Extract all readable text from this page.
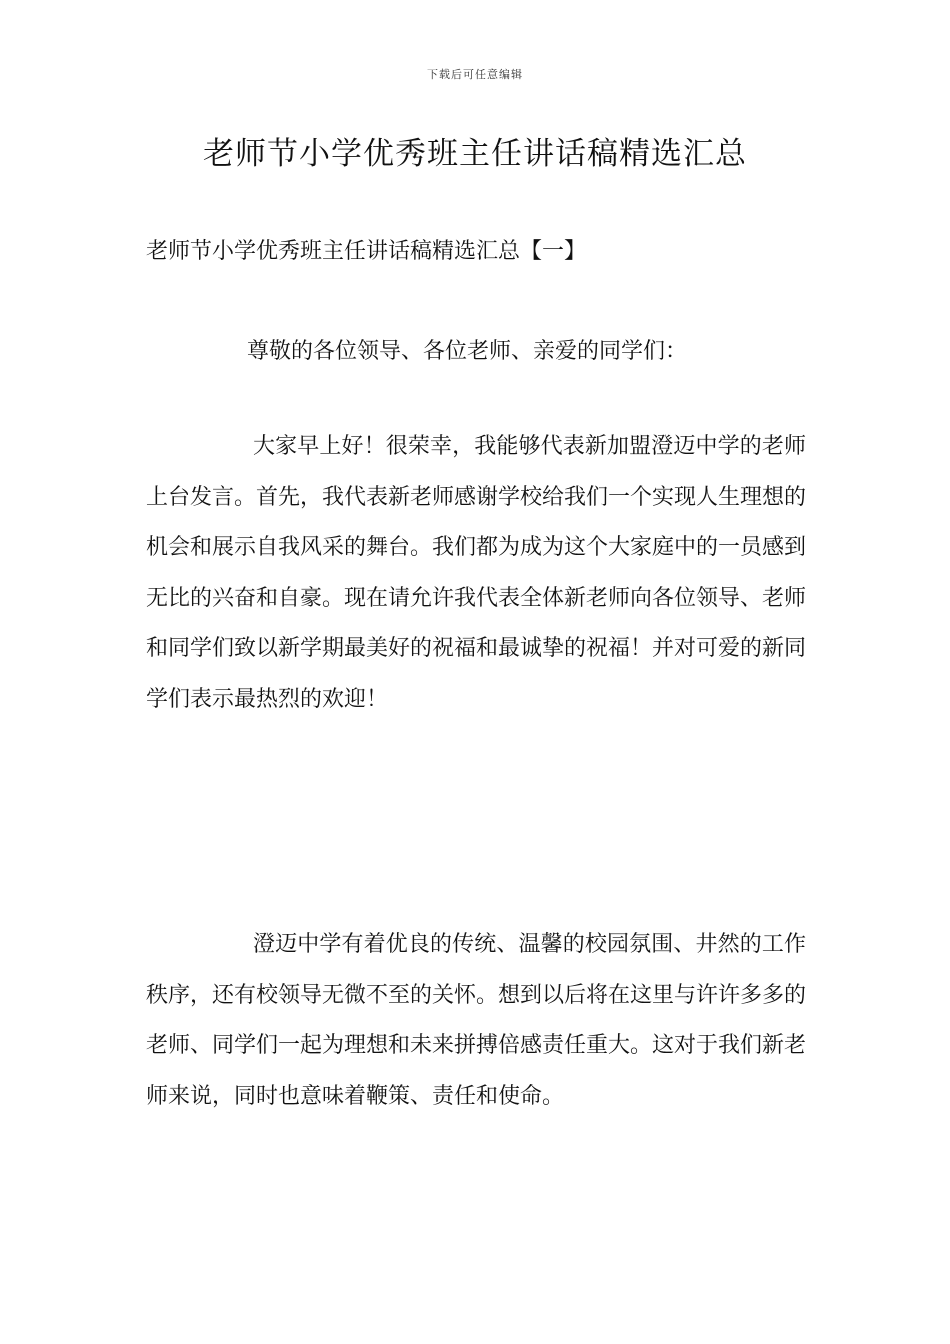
下载后可任意编辑
老师节小学优秀班主任讲话稿精选汇总
老师节小学优秀班主任讲话稿精选汇总【一】

尊敬的各位领导、各位老师、亲爱的同学们：

大家早上好！很荣幸，我能够代表新加盟澄迈中学的老师上台发言。首先，我代表新老师感谢学校给我们一个实现人生理想的机会和展示自我风采的舞台。我们都为成为这个大家庭中的一员感到无比的兴奋和自豪。现在请允许我代表全体新老师向各位领导、老师和同学们致以新学期最美好的祝福和最诚挚的祝福！并对可爱的新同学们表示最热烈的欢迎！

澄迈中学有着优良的传统、温馨的校园氛围、井然的工作秩序，还有校领导无微不至的关怀。想到以后将在这里与许许多多的老师、同学们一起为理想和未来拼搏倍感责任重大。这对于我们新老师来说，同时也意味着鞭策、责任和使命。
